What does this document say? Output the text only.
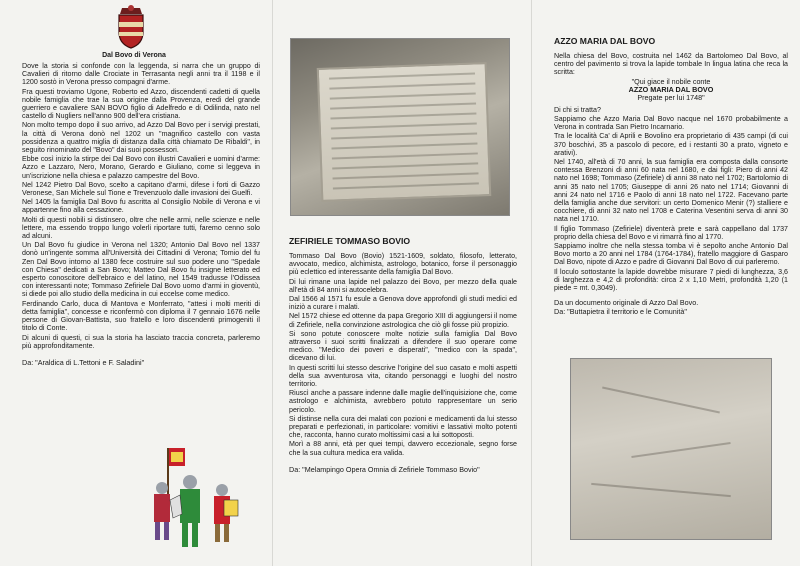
Dove la storia si confonde con la leggenda, si narra che un gruppo di Cavalieri di ritorno dalle Crociate in Terrasanta negli anni tra il 1198 e il 1200 sostò in Verona presso compagni d'arme.

Fra questi troviamo Ugone, Roberto ed Azzo, discendenti cadetti di quella nobile famiglia che trae la sua origine dalla Provenza, eredi del grande guerriero e cavaliere SAN BOVO figlio di Adelfredo e di Odilinda, nato nel castello di Nugliers nell'anno 900 dell'era cristiana.

Non molto tempo dopo il suo arrivo, ad Azzo Dal Bovo per i servigi prestati, la città di Verona donò nel 1202 un "magnifico castello con vasta possidenza a quattro miglia di distanza dalla città chiamato De Ribaldi", in seguito rinominato del "Bovo" dai suoi possessori.

Ebbe così inizio la stirpe dei Dal Bovo con illustri Cavalieri e uomini d'arme: Azzo e Lazzaro, Nero, Morano, Gerardo e Giuliano, come si leggeva in un'iscrizione nella chiesa e palazzo campestre del Bovo.

Nel 1242 Pietro Dal Bovo, scelto a capitano d'armi, difese i forti di Gazzo Veronese, San Michele sul Tione e Trevenzuolo dalle invasioni dei Guelfi.

Nel 1405 la famiglia Dal Bovo fu ascritta al Consiglio Nobile di Verona e vi appartenne fino alla cessazione.

Molti di questi nobili si distinsero, oltre che nelle armi, nelle scienze e nelle lettere, ma essendo troppo lungo volerli riportare tutti, faremo cenno solo ad alcuni.

Un Dal Bovo fu giudice in Verona nel 1320; Antonio Dal Bovo nel 1337 donò un'ingente somma all'Università dei Cittadini di Verona; Tomio del fu Zen Dal Bovo intorno al 1380 fece costruire sul suo podere uno "Spedale con Chiesa" dedicati a San Bovo; Matteo Dal Bovo fu insigne letterato ed esperto conoscitore dell'ebraico e del latino, nel 1549 tradusse l'Odissea con interessanti note; Tommaso Zefiriele Dal Bovo uomo d'armi in gioventù, si diede poi allo studio della medicina in cui eccelse come medico.

Ferdinando Carlo, duca di Mantova e Monferrato, "attesi i molti meriti di detta famiglia", concesse e riconfermò con diploma il 7 gennaio 1676 nelle persone di Giovan-Battista, suo fratello e loro discendenti primogeniti il titolo di Conte.

Di alcuni di questi, ci sua la storia ha lasciato traccia concreta, parleremo più approfonditamente.

Da: "Araldica di L.Tettoni e F. Saladini"
Dal Bovo di Verona
ZEFIRIELE TOMMASO BOVIO

Tommaso Dal Bovo (Bovio) 1521-1609, soldato, filosofo, letterato, avvocato, medico, alchimista, astrologo, botanico, forse il personaggio più eclettico ed interessante della famiglia Dal Bovo.

Di lui rimane una lapide nel palazzo dei Bovo, per mezzo della quale all'età di 84 anni si autocelebra.

Dal 1566 al 1571 fu esule a Genova dove approfondì gli studi medici ed iniziò a curare i malati.

Nel 1572 chiese ed ottenne da papa Gregorio XIII di aggiungersi il nome di Zefiriele, nella convinzione astrologica che ciò gli fosse più propizio.

Si sono potute conoscere molte notizie sulla famiglia Dal Bovo attraverso i suoi scritti finalizzati a difendere il suo operare come medico. "Medico dei poveri e disperati", "medico con la spada", dicevano di lui.

In questi scritti lui stesso descrive l'origine del suo casato e molti aspetti della sua avventurosa vita, citando personaggi e luoghi del nostro territorio.

Riuscì anche a passare indenne dalle maglie dell'inquisizione che, come astrologo e alchimista, avrebbero potuto rappresentare un serio pericolo.

Si distinse nella cura dei malati con pozioni e medicamenti da lui stesso preparati e perfezionati, in particolare: vomitivi e lassativi molto potenti che, racconta, hanno curato moltissimi casi a lui sottoposti.

Morì a 88 anni, età per quei tempi, davvero eccezionale, segno forse che la sua cultura medica era valida.

Da: "Melampingo Opera Omnia di Zefiriele Tommaso Bovio"
AZZO MARIA DAL BOVO

Nella chiesa del Bovo, costruita nel 1462 da Bartolomeo Dal Bovo, al centro del pavimento si trova la lapide tombale In lingua latina che reca la scritta:

"Qui giace il nobile conte
AZZO MARIA DAL BOVO
Pregate per lui 1748"

Di chi si tratta?

Sappiamo che Azzo Maria Dal Bovo nacque nel 1670 probabilmente a Verona in contrada San Pietro Incarnario.

Tra le località Ca' di Aprili e Bovolino era proprietario di 435 campi (di cui 370 boschivi, 35 a pascolo di pecore, ed i restanti 30 a prato, vigneto e arativi).

Nel 1740, all'età di 70 anni, la sua famiglia era composta dalla consorte contessa Brenzoni di anni 60 nata nel 1680, e dai figli: Piero di anni 42 nato nel 1698; Tommaso (Zefiriele) di anni 38 nato nel 1702; Bartolomio di anni 35 nato nel 1705; Giuseppe di anni 26 nato nel 1714; Giovanni di anni 24 nato nel 1716 e Paolo di anni 18 nato nel 1722. Facevano parte della famiglia anche due servitori: un certo Domenico Menir (?) stalliere e cocchiere, di anni 32 nato nel 1708 e Caterina Vesentini serva di anni 30 nata nel 1710.

Il figlio Tommaso (Zefiriele) diventerà prete e sarà cappellano dal 1737 proprio della chiesa del Bovo e vi rimarrà fino al 1770.

Sappiamo inoltre che nella stessa tomba vi è sepolto anche Antonio Dal Bovo morto a 20 anni nel 1784 (1764-1784), fratello maggiore di Gasparo Dal Bovo, nipote di Azzo e padre di Giovanni Dal Bovo di cui parleremo.

Il loculo sottostante la lapide dovrebbe misurare 7 piedi di lunghezza, 3,6 di larghezza e 4,2 di profondità: circa 2 x 1,10 Metri, profondità 1,20 (1 piede = mt. 0,3049).

Da un documento originale di Azzo Dal Bovo.
Da: "Buttapietra il territorio e le Comunità"
